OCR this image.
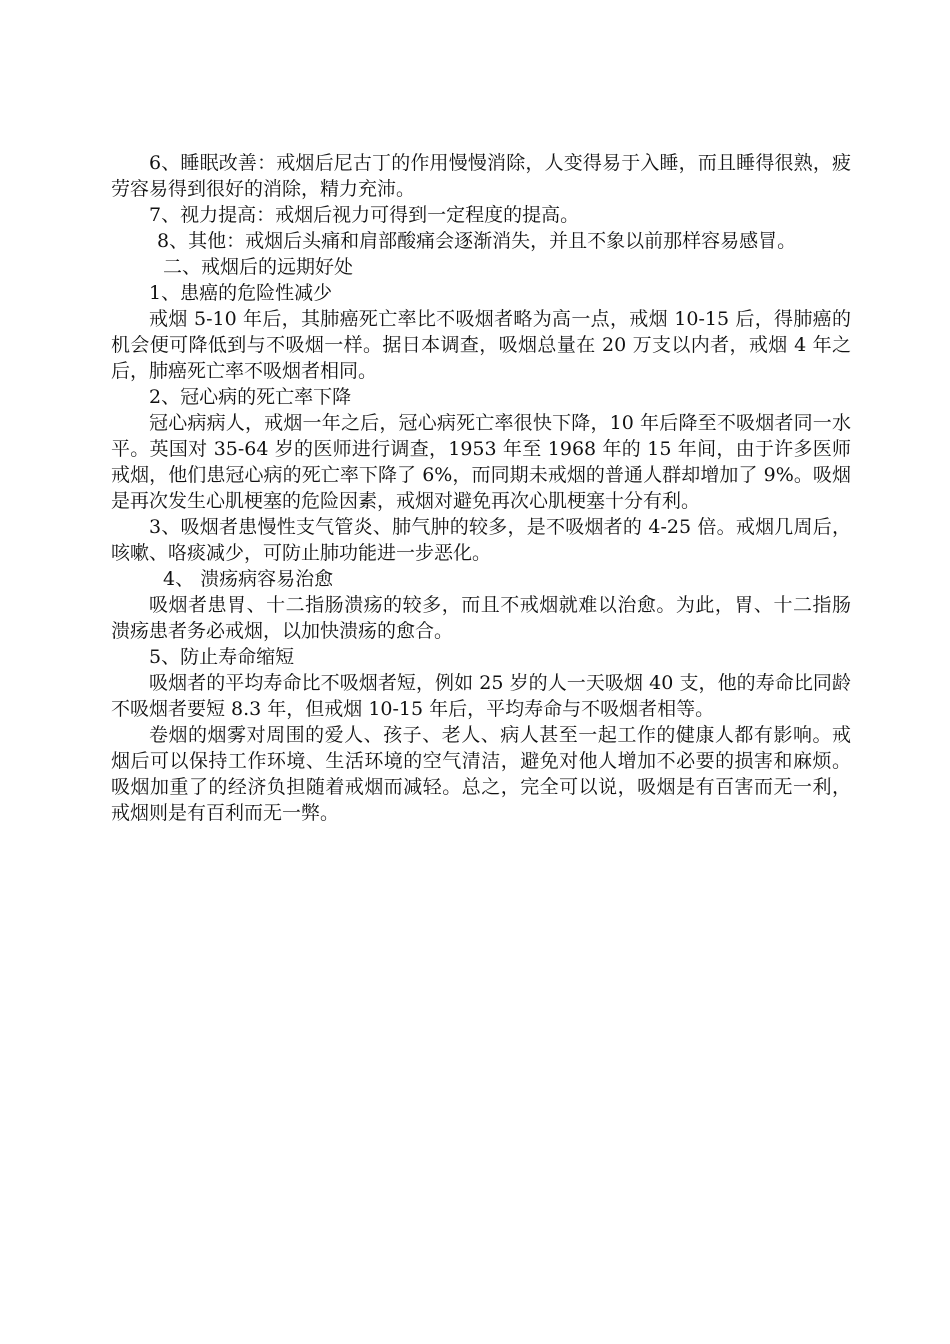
6、睡眠改善：戒烟后尼古丁的作用慢慢消除，人变得易于入睡，而且睡得很熟，疲劳容易得到很好的消除，精力充沛。

7、视力提高：戒烟后视力可得到一定程度的提高。

8、其他：戒烟后头痛和肩部酸痛会逐渐消失，并且不象以前那样容易感冒。

二、戒烟后的远期好处

1、患癌的危险性减少

戒烟 5-10 年后，其肺癌死亡率比不吸烟者略为高一点，戒烟 10-15 后，得肺癌的机会便可降低到与不吸烟一样。据日本调查，吸烟总量在 20 万支以内者，戒烟 4 年之后，肺癌死亡率不吸烟者相同。

2、冠心病的死亡率下降

冠心病病人，戒烟一年之后，冠心病死亡率很快下降，10 年后降至不吸烟者同一水平。英国对 35-64 岁的医师进行调查，1953 年至 1968 年的 15 年间，由于许多医师戒烟，他们患冠心病的死亡率下降了 6%，而同期未戒烟的普通人群却增加了 9%。吸烟是再次发生心肌梗塞的危险因素，戒烟对避免再次心肌梗塞十分有利。

3、吸烟者患慢性支气管炎、肺气肿的较多，是不吸烟者的 4-25 倍。戒烟几周后，咳嗽、咯痰减少，可防止肺功能进一步恶化。

4、 溃疡病容易治愈

吸烟者患胃、十二指肠溃疡的较多，而且不戒烟就难以治愈。为此，胃、十二指肠溃疡患者务必戒烟，以加快溃疡的愈合。

5、防止寿命缩短

吸烟者的平均寿命比不吸烟者短，例如 25 岁的人一天吸烟 40 支，他的寿命比同龄不吸烟者要短 8.3 年，但戒烟 10-15 年后，平均寿命与不吸烟者相等。

卷烟的烟雾对周围的爱人、孩子、老人、病人甚至一起工作的健康人都有影响。戒烟后可以保持工作环境、生活环境的空气清洁，避免对他人增加不必要的损害和麻烦。吸烟加重了的经济负担随着戒烟而减轻。总之，完全可以说，吸烟是有百害而无一利，戒烟则是有百利而无一弊。
